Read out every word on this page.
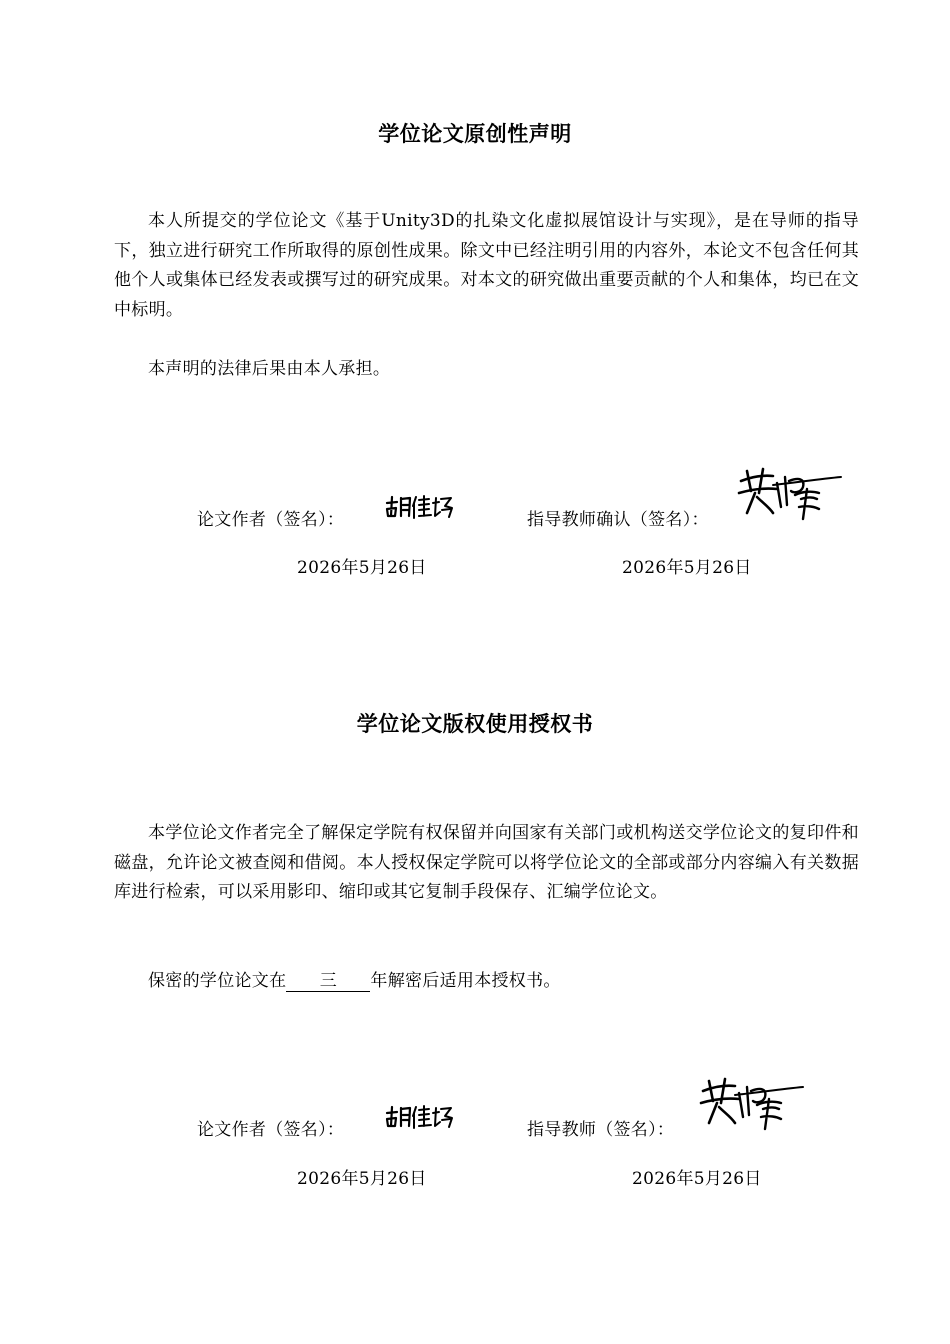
学位论文原创性声明
本人所提交的学位论文《基于Unity3D的扎染文化虚拟展馆设计与实现》，是在导师的指导下，独立进行研究工作所取得的原创性成果。除文中已经注明引用的内容外，本论文不包含任何其他个人或集体已经发表或撰写过的研究成果。对本文的研究做出重要贡献的个人和集体，均已在文中标明。
本声明的法律后果由本人承担。
论文作者（签名）：	指导教师确认（签名）：
2026年5月26日	2026年5月26日
学位论文版权使用授权书
本学位论文作者完全了解保定学院有权保留并向国家有关部门或机构送交学位论文的复印件和磁盘，允许论文被查阅和借阅。本人授权保定学院可以将学位论文的全部或部分内容编入有关数据库进行检索，可以采用影印、缩印或其它复制手段保存、汇编学位论文。
保密的学位论文在 三 年解密后适用本授权书。
论文作者（签名）：	指导教师（签名）：
2026年5月26日	2026年5月26日
